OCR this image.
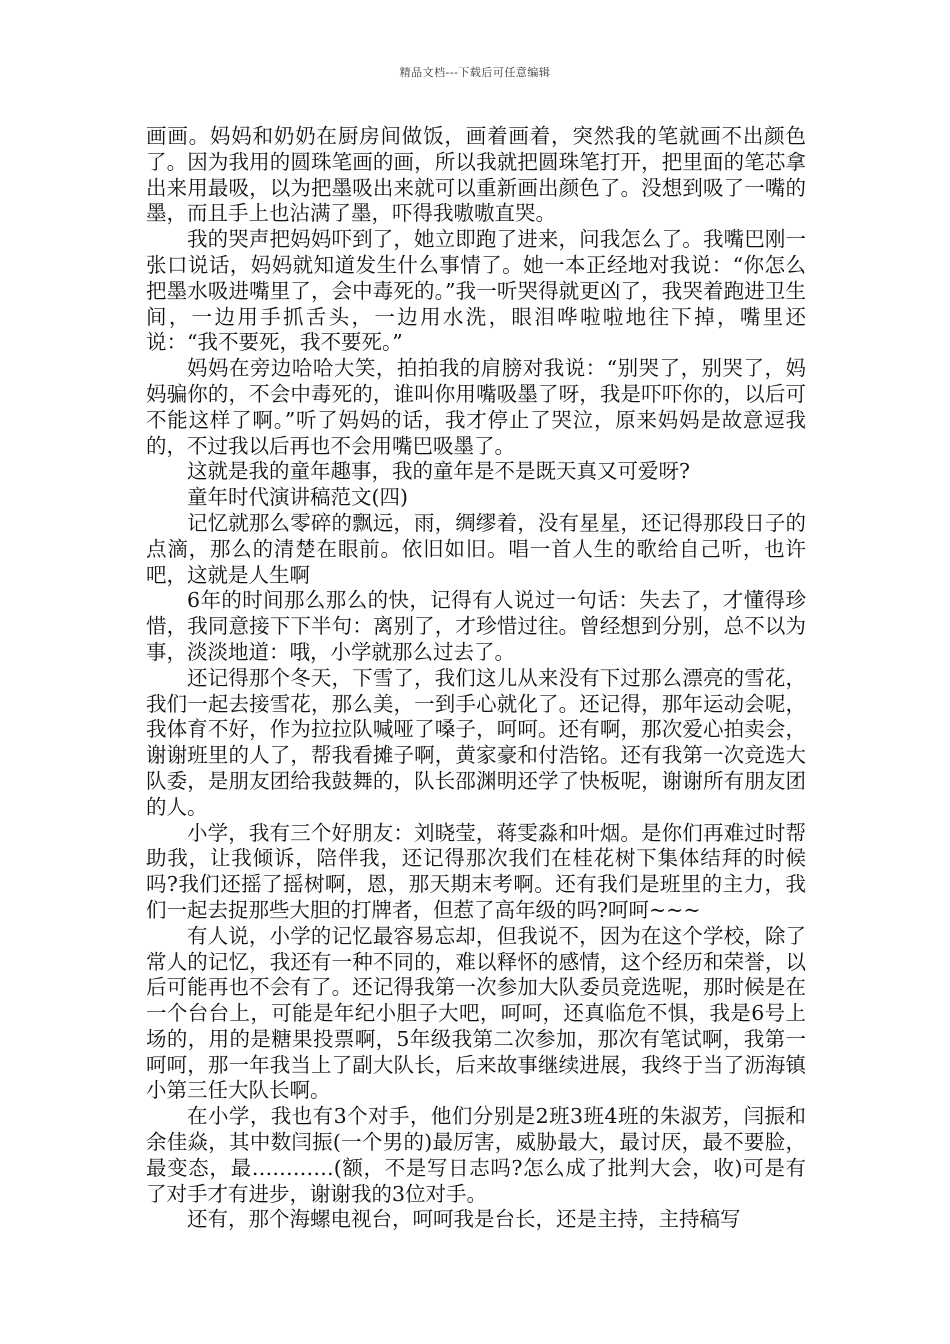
精品文档---下载后可任意编辑

画画。妈妈和奶奶在厨房间做饭，画着画着，突然我的笔就画不出颜色了。因为我用的圆珠笔画的画，所以我就把圆珠笔打开，把里面的笔芯拿出来用最吸，以为把墨吸出来就可以重新画出颜色了。没想到吸了一嘴的墨，而且手上也沾满了墨，吓得我嗷嗷直哭。

我的哭声把妈妈吓到了，她立即跑了进来，问我怎么了。我嘴巴刚一张口说话，妈妈就知道发生什么事情了。她一本正经地对我说：“你怎么把墨水吸进嘴里了，会中毒死的。”我一听哭得就更凶了，我哭着跑进卫生间，一边用手抓舌头，一边用水洗，眼泪哗啦啦地往下掉，嘴里还说：“我不要死，我不要死。”

妈妈在旁边哈哈大笑，拍拍我的肩膀对我说：“别哭了，别哭了，妈妈骗你的，不会中毒死的，谁叫你用嘴吸墨了呀，我是吓吓你的，以后可不能这样了啊。”听了妈妈的话，我才停止了哭泣，原来妈妈是故意逗我的，不过我以后再也不会用嘴巴吸墨了。

这就是我的童年趣事，我的童年是不是既天真又可爱呀?

童年时代演讲稿范文(四)

记忆就那么零碎的飘远，雨，绸缪着，没有星星，还记得那段日子的点滴，那么的清楚在眼前。依旧如旧。唱一首人生的歌给自己听，也许吧，这就是人生啊

6年的时间那么那么的快，记得有人说过一句话：失去了，才懂得珍惜，我同意接下下半句：离别了，才珍惜过往。曾经想到分别，总不以为事，淡淡地道：哦，小学就那么过去了。

还记得那个冬天，下雪了，我们这儿从来没有下过那么漂亮的雪花，我们一起去接雪花，那么美，一到手心就化了。还记得，那年运动会呢，我体育不好，作为拉拉队喊哑了嗓子，呵呵。还有啊，那次爱心拍卖会，谢谢班里的人了，帮我看摊子啊，黄家豪和付浩铭。还有我第一次竞选大队委，是朋友团给我鼓舞的，队长邵渊明还学了快板呢，谢谢所有朋友团的人。

小学，我有三个好朋友：刘晓莹，蒋雯淼和叶烟。是你们再难过时帮助我，让我倾诉，陪伴我，还记得那次我们在桂花树下集体结拜的时候吗?我们还摇了摇树啊，恩，那天期末考啊。还有我们是班里的主力，我们一起去捉那些大胆的打牌者，但惹了高年级的吗?呵呵~~~

有人说，小学的记忆最容易忘却，但我说不，因为在这个学校，除了常人的记忆，我还有一种不同的，难以释怀的感情，这个经历和荣誉，以后可能再也不会有了。还记得我第一次参加大队委员竞选呢，那时候是在一个台台上，可能是年纪小胆子大吧，呵呵，还真临危不惧，我是6号上场的，用的是糖果投票啊，5年级我第二次参加，那次有笔试啊，我第一呵呵，那一年我当上了副大队长，后来故事继续进展，我终于当了沥海镇小第三任大队长啊。

在小学，我也有3个对手，他们分别是2班3班4班的朱淑芳，闫振和余佳焱，其中数闫振(一个男的)最厉害，威胁最大，最讨厌，最不要脸，最变态，最…………(额，不是写日志吗?怎么成了批判大会，收)可是有了对手才有进步，谢谢我的3位对手。

还有，那个海螺电视台，呵呵我是台长，还是主持，主持稿写
